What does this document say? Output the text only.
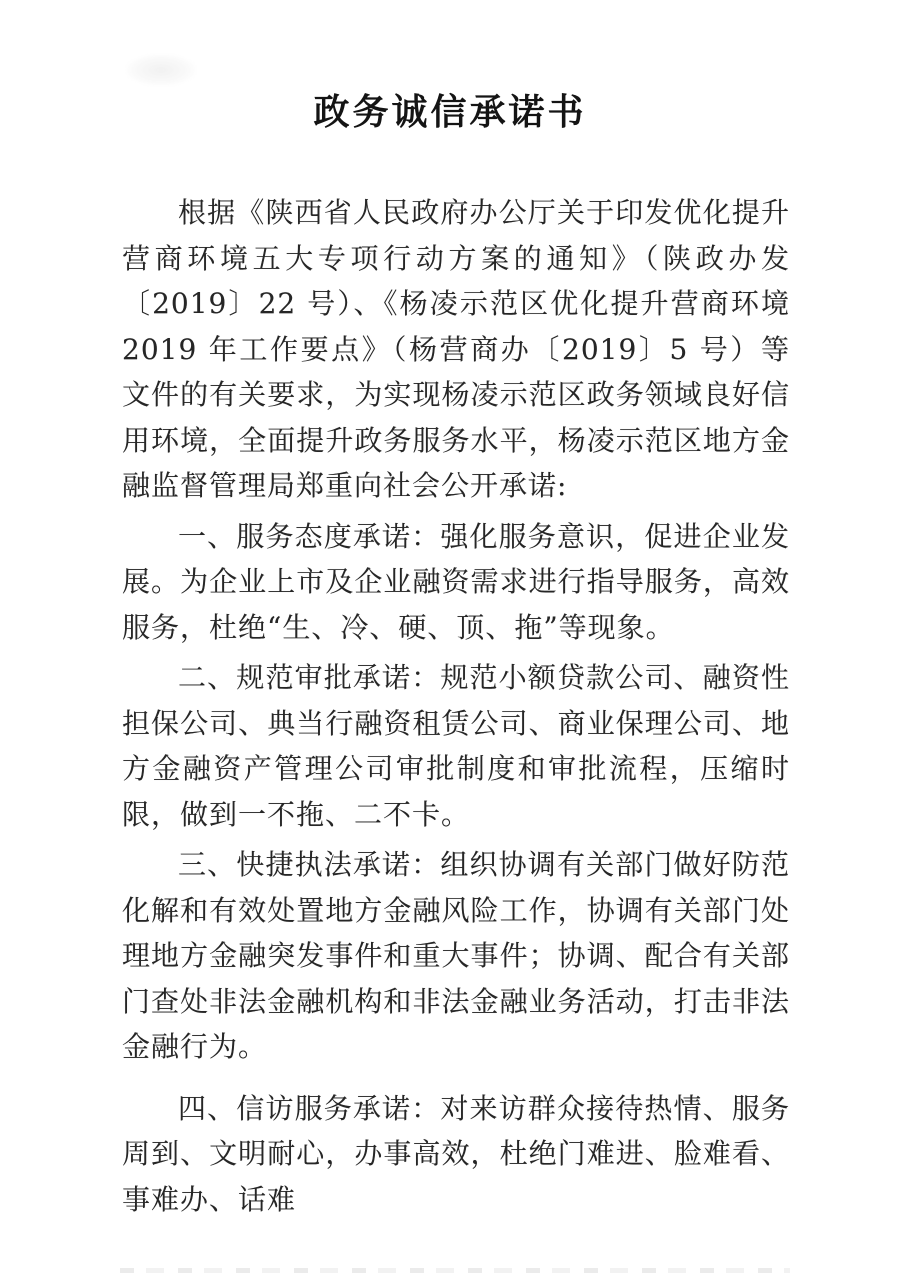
政务诚信承诺书

根据《陕西省人民政府办公厅关于印发优化提升营商环境五大专项行动方案的通知》（陕政办发〔2019〕22 号）、《杨凌示范区优化提升营商环境 2019 年工作要点》（杨营商办〔2019〕5 号）等文件的有关要求，为实现杨凌示范区政务领域良好信用环境，全面提升政务服务水平，杨凌示范区地方金融监督管理局郑重向社会公开承诺:

一、服务态度承诺：强化服务意识，促进企业发展。为企业上市及企业融资需求进行指导服务，高效服务，杜绝“生、冷、硬、顶、拖”等现象。

二、规范审批承诺：规范小额贷款公司、融资性担保公司、典当行融资租赁公司、商业保理公司、地方金融资产管理公司审批制度和审批流程，压缩时限，做到一不拖、二不卡。

三、快捷执法承诺：组织协调有关部门做好防范化解和有效处置地方金融风险工作，协调有关部门处理地方金融突发事件和重大事件；协调、配合有关部门查处非法金融机构和非法金融业务活动，打击非法金融行为。

四、信访服务承诺：对来访群众接待热情、服务周到、文明耐心，办事高效，杜绝门难进、脸难看、事难办、话难
